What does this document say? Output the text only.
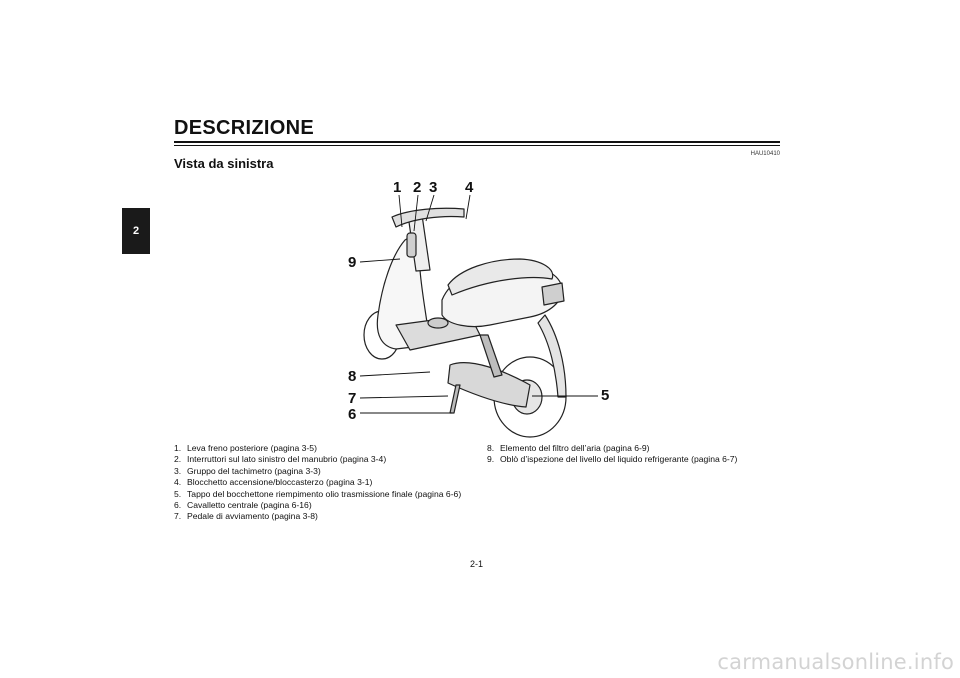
2
DESCRIZIONE
HAU10410
Vista da sinistra
1 2 3 4
5
6
7
8
9
1. Leva freno posteriore (pagina 3-5)
2. Interruttori sul lato sinistro del manubrio (pagina 3-4)
3. Gruppo del tachimetro (pagina 3-3)
4. Blocchetto accensione/bloccasterzo (pagina 3-1)
5. Tappo del bocchettone riempimento olio trasmissione finale (pagina 6-6)
6. Cavalletto centrale (pagina 6-16)
7. Pedale di avviamento (pagina 3-8)
8. Elemento del filtro dell’aria (pagina 6-9)
9. Oblò d’ispezione del livello del liquido refrigerante (pagina 6-7)
2-1
carmanualsonline.info
